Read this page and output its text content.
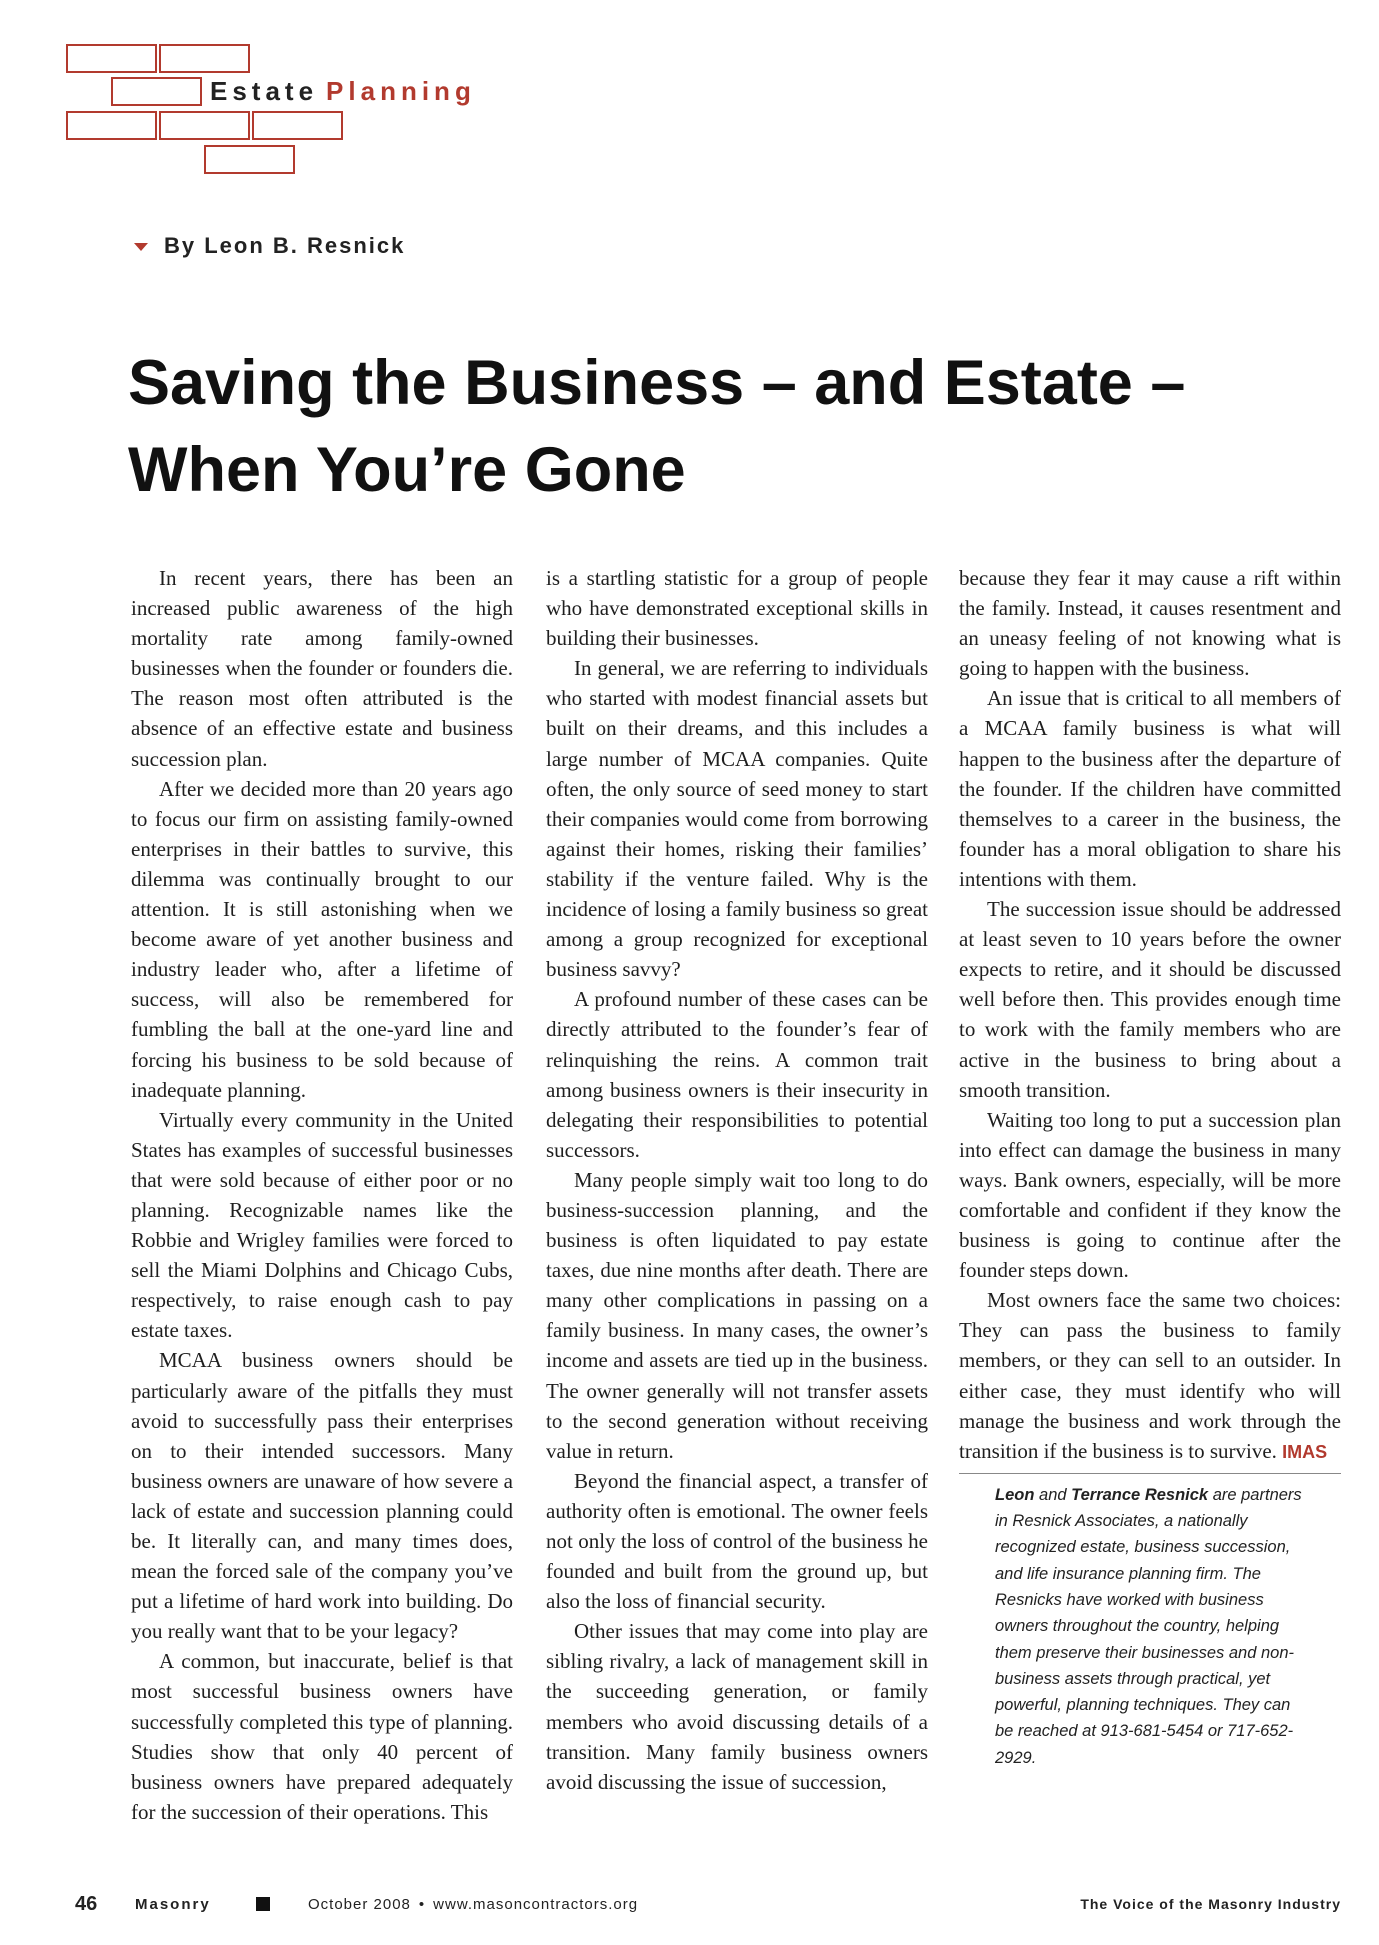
Estate Planning
By Leon B. Resnick
Saving the Business – and Estate –
When You’re Gone

In recent years, there has been an increased public awareness of the high mortality rate among family-owned businesses when the founder or founders die. The reason most often attributed is the absence of an effective estate and business succession plan.

After we decided more than 20 years ago to focus our firm on assisting family-owned enterprises in their battles to survive, this dilemma was continually brought to our attention. It is still astonishing when we become aware of yet another business and industry leader who, after a lifetime of success, will also be remembered for fumbling the ball at the one-yard line and forcing his business to be sold because of inadequate planning.

Virtually every community in the United States has examples of successful businesses that were sold because of either poor or no planning. Recognizable names like the Robbie and Wrigley families were forced to sell the Miami Dolphins and Chicago Cubs, respectively, to raise enough cash to pay estate taxes.

MCAA business owners should be particularly aware of the pitfalls they must avoid to successfully pass their enterprises on to their intended successors. Many business owners are unaware of how severe a lack of estate and succession planning could be. It literally can, and many times does, mean the forced sale of the company you’ve put a lifetime of hard work into building. Do you really want that to be your legacy?

A common, but inaccurate, belief is that most successful business owners have successfully completed this type of planning. Studies show that only 40 percent of business owners have prepared adequately for the succession of their operations. This

is a startling statistic for a group of people who have demonstrated exceptional skills in building their businesses.

In general, we are referring to individuals who started with modest financial assets but built on their dreams, and this includes a large number of MCAA companies. Quite often, the only source of seed money to start their companies would come from borrowing against their homes, risking their families’ stability if the venture failed. Why is the incidence of losing a family business so great among a group recognized for exceptional business savvy?

A profound number of these cases can be directly attributed to the founder’s fear of relinquishing the reins. A common trait among business owners is their insecurity in delegating their responsibilities to potential successors.

Many people simply wait too long to do business-succession planning, and the business is often liquidated to pay estate taxes, due nine months after death. There are many other complications in passing on a family business. In many cases, the owner’s income and assets are tied up in the business. The owner generally will not transfer assets to the second generation without receiving value in return.

Beyond the financial aspect, a transfer of authority often is emotional. The owner feels not only the loss of control of the business he founded and built from the ground up, but also the loss of financial security.

Other issues that may come into play are sibling rivalry, a lack of management skill in the succeeding generation, or family members who avoid discussing details of a transition. Many family business owners avoid discussing the issue of succession,

because they fear it may cause a rift within the family. Instead, it causes resentment and an uneasy feeling of not knowing what is going to happen with the business.

An issue that is critical to all members of a MCAA family business is what will happen to the business after the departure of the founder. If the children have committed themselves to a career in the business, the founder has a moral obligation to share his intentions with them.

The succession issue should be addressed at least seven to 10 years before the owner expects to retire, and it should be discussed well before then. This provides enough time to work with the family members who are active in the business to bring about a smooth transition.

Waiting too long to put a succession plan into effect can damage the business in many ways. Bank owners, especially, will be more comfortable and confident if they know the business is going to continue after the founder steps down.

Most owners face the same two choices: They can pass the business to family members, or they can sell to an outsider. In either case, they must identify who will manage the business and work through the transition if the business is to survive. IMAS

Leon and Terrance Resnick are partners in Resnick Associates, a nationally recognized estate, business succession, and life insurance planning firm. The Resnicks have worked with business owners throughout the country, helping them preserve their businesses and non-business assets through practical, yet powerful, planning techniques. They can be reached at 913-681-5454 or 717-652-2929.
46	Masonry	October 2008 • www.masoncontractors.org	The Voice of the Masonry Industry
